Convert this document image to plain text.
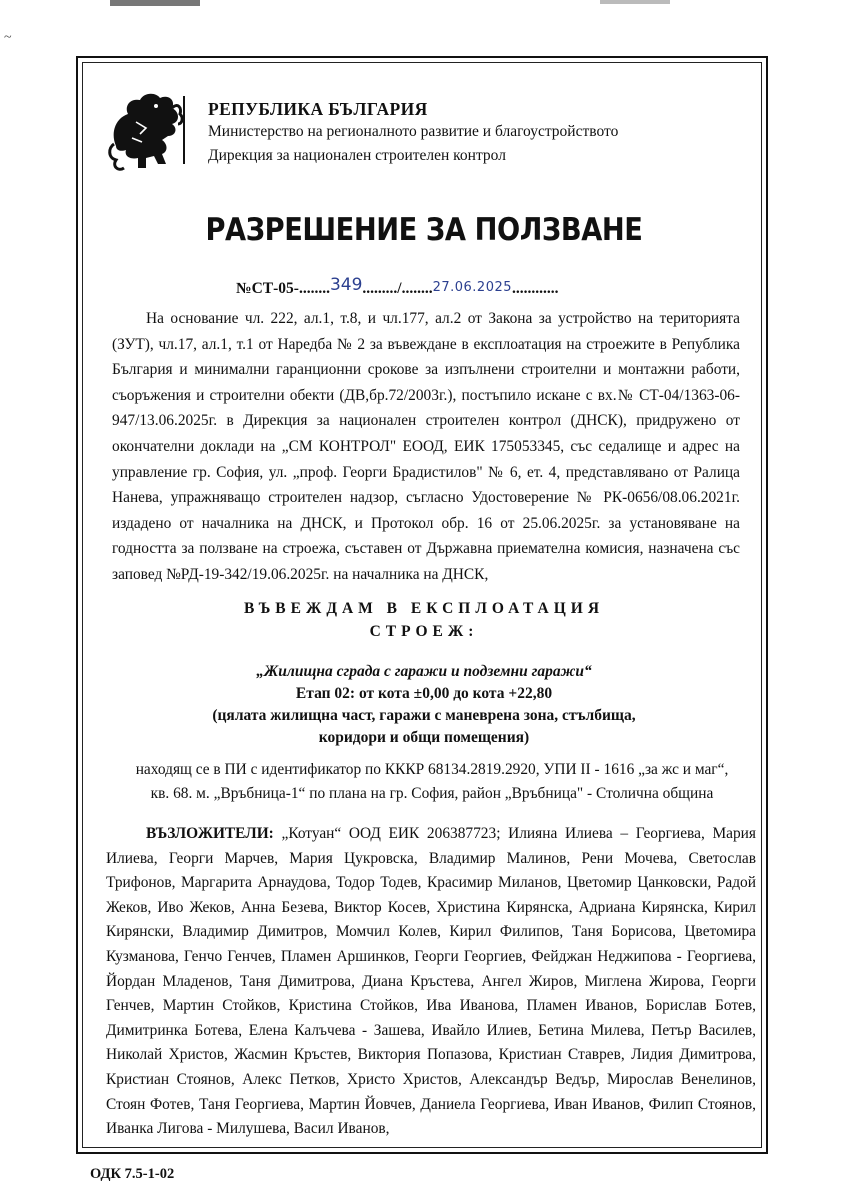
~
РЕПУБЛИКА БЪЛГАРИЯ
Министерство на регионалното развитие и благоустройството
Дирекция за национален строителен контрол
РАЗРЕШЕНИЕ ЗА ПОЛЗВАНЕ
№СТ-05-........349........./........27.06.2025............
На основание чл. 222, ал.1, т.8, и чл.177, ал.2 от Закона за устройство на територията (ЗУТ), чл.17, ал.1, т.1 от Наредба № 2 за въвеждане в експлоатация на строежите в Република България и минимални гаранционни срокове за изпълнени строителни и монтажни работи, съоръжения и строителни обекти (ДВ,бр.72/2003г.), постъпило искане с вх.№ СТ-04/1363-06-947/13.06.2025г. в Дирекция за национален строителен контрол (ДНСК), придружено от окончателни доклади на „СМ КОНТРОЛ" ЕООД, ЕИК 175053345, със седалище и адрес на управление гр. София, ул. „проф. Георги Брадистилов" № 6, ет. 4, представлявано от Ралица Нанева, упражняващо строителен надзор, съгласно Удостоверение № РК-0656/08.06.2021г. издадено от началника на ДНСК, и Протокол обр. 16 от 25.06.2025г. за установяване на годността за ползване на строежа, съставен от Държавна приемателна комисия, назначена със заповед №РД-19-342/19.06.2025г. на началника на ДНСК,
ВЪВЕЖДАМ В ЕКСПЛОАТАЦИЯ
СТРОЕЖ:
„Жилищна сграда с гаражи и подземни гаражи“
Етап 02: от кота ±0,00 до кота +22,80
(цялата жилищна част, гаражи с маневрена зона, стълбища,
коридори и общи помещения)
находящ се в ПИ с идентификатор по КККР 68134.2819.2920, УПИ II - 1616 „за жс и маг“,
кв. 68. м. „Връбница-1“ по плана на гр. София, район „Връбница" - Столична община
ВЪЗЛОЖИТЕЛИ: „Котуан“ ООД ЕИК 206387723; Илияна Илиева – Георгиева, Мария Илиева, Георги Марчев, Мария Цукровска, Владимир Малинов, Рени Мочева, Светослав Трифонов, Маргарита Арнаудова, Тодор Тодев, Красимир Миланов, Цветомир Цанковски, Радой Жеков, Иво Жеков, Анна Безева, Виктор Косев, Христина Кирянска, Адриана Кирянска, Кирил Кирянски, Владимир Димитров, Момчил Колев, Кирил Филипов, Таня Борисова, Цветомира Кузманова, Генчо Генчев, Пламен Аршинков, Георги Георгиев, Фейджан Неджипова - Георгиева, Йордан Младенов, Таня Димитрова, Диана Кръстева, Ангел Жиров, Миглена Жирова, Георги Генчев, Мартин Стойков, Кристина Стойков, Ива Иванова, Пламен Иванов, Борислав Ботев, Димитринка Ботева, Елена Калъчева - Зашева, Ивайло Илиев, Бетина Милева, Петър Василев, Николай Христов, Жасмин Кръстев, Виктория Попазова, Кристиан Ставрев, Лидия Димитрова, Кристиан Стоянов, Алекс Петков, Христо Христов, Александър Ведър, Мирослав Венелинов, Стоян Фотев, Таня Георгиева, Мартин Йовчев, Даниела Георгиева, Иван Иванов, Филип Стоянов, Иванка Лигова - Милушева, Васил Иванов,
ОДК 7.5-1-02
